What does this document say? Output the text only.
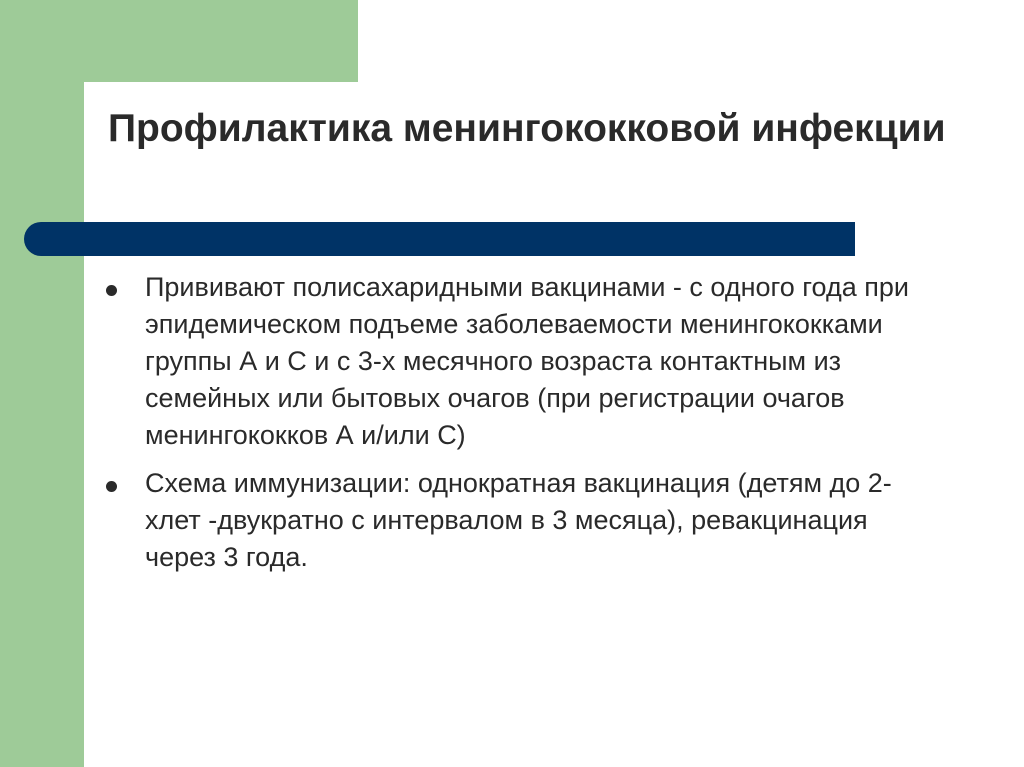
Профилактика менингококковой инфекции
Прививают полисахаридными вакцинами - с одного года при эпидемическом подъеме заболеваемости менингококками группы А и С и с 3-х месячного возраста контактным из семейных или бытовых очагов (при регистрации очагов менингококков А и/или С)
Схема иммунизации: однократная вакцинация (детям до 2-хлет -двукратно с интервалом в 3 месяца), ревакцинация через 3 года.
